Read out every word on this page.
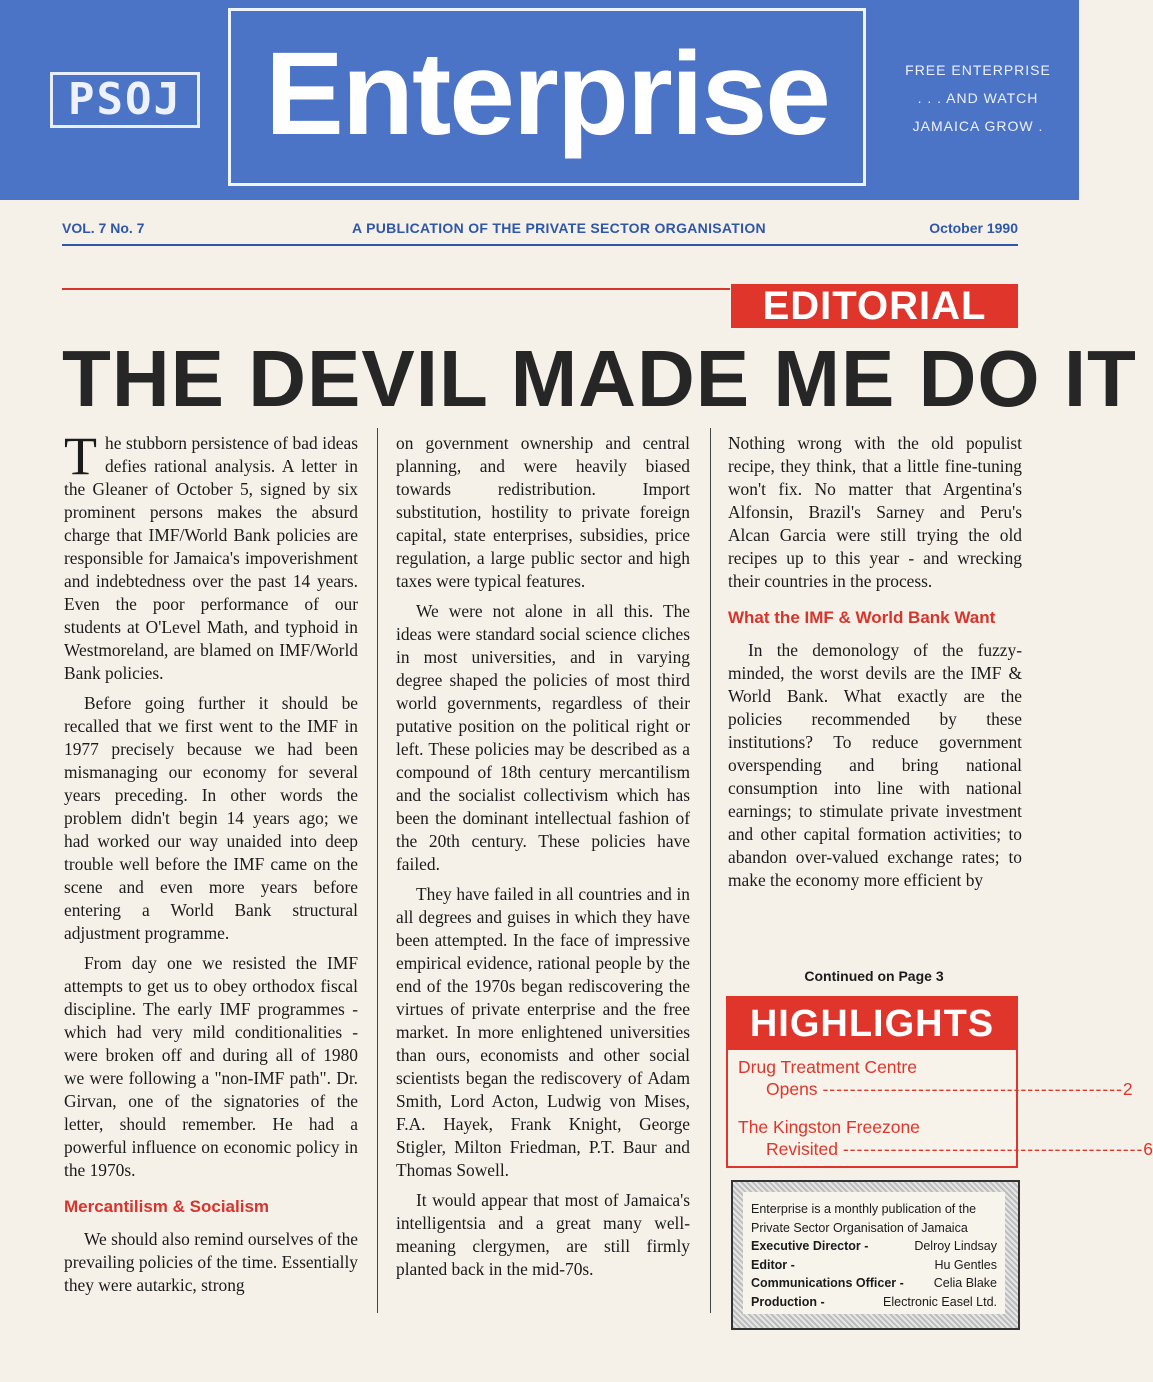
PSOJ Enterprise	FREE ENTERPRISE
. . . AND WATCH
JAMAICA GROW .
VOL. 7 No. 7	A PUBLICATION OF THE PRIVATE SECTOR ORGANISATION	October 1990
EDITORIAL
THE DEVIL MADE ME DO IT

The stubborn persistence of bad ideas defies rational analysis. A letter in the Gleaner of October 5, signed by six prominent persons makes the absurd charge that IMF/World Bank policies are responsible for Jamaica's impoverishment and indebtedness over the past 14 years. Even the poor performance of our students at O'Level Math, and typhoid in Westmoreland, are blamed on IMF/World Bank policies.

Before going further it should be recalled that we first went to the IMF in 1977 precisely because we had been mismanaging our economy for several years preceding. In other words the problem didn't begin 14 years ago; we had worked our way unaided into deep trouble well before the IMF came on the scene and even more years before entering a World Bank structural adjustment programme.

From day one we resisted the IMF attempts to get us to obey orthodox fiscal discipline. The early IMF programmes - which had very mild conditionalities - were broken off and during all of 1980 we were following a "non-IMF path". Dr. Girvan, one of the signatories of the letter, should remember. He had a powerful influence on economic policy in the 1970s.

Mercantilism & Socialism

We should also remind ourselves of the prevailing policies of the time. Essentially they were autarkic, strong

on government ownership and central planning, and were heavily biased towards redistribution. Import substitution, hostility to private foreign capital, state enterprises, subsidies, price regulation, a large public sector and high taxes were typical features.

We were not alone in all this. The ideas were standard social science cliches in most universities, and in varying degree shaped the policies of most third world governments, regardless of their putative position on the political right or left. These policies may be described as a compound of 18th century mercantilism and the socialist collectivism which has been the dominant intellectual fashion of the 20th century. These policies have failed.

They have failed in all countries and in all degrees and guises in which they have been attempted. In the face of impressive empirical evidence, rational people by the end of the 1970s began rediscovering the virtues of private enterprise and the free market. In more enlightened universities than ours, economists and other social scientists began the rediscovery of Adam Smith, Lord Acton, Ludwig von Mises, F.A. Hayek, Frank Knight, George Stigler, Milton Friedman, P.T. Baur and Thomas Sowell.

It would appear that most of Jamaica's intelligentsia and a great many well-meaning clergymen, are still firmly planted back in the mid-70s.

Nothing wrong with the old populist recipe, they think, that a little fine-tuning won't fix. No matter that Argentina's Alfonsin, Brazil's Sarney and Peru's Alcan Garcia were still trying the old recipes up to this year - and wrecking their countries in the process.

What the IMF & World Bank Want

In the demonology of the fuzzy-minded, the worst devils are the IMF & World Bank. What exactly are the policies recommended by these institutions? To reduce government overspending and bring national consumption into line with national earnings; to stimulate private investment and other capital formation activities; to abandon over-valued exchange rates; to make the economy more efficient by

Continued on Page 3
HIGHLIGHTS
Drug Treatment Centre
Opens
-------------------------------------------- 2
The Kingston Freezone
Revisited
-------------------------------------------- 6
Enterprise is a monthly publication of the
Private Sector Organisation of Jamaica
Executive Director -	Delroy Lindsay
Editor -	Hu Gentles
Communications Officer - Celia Blake
Production -	Electronic Easel Ltd.
